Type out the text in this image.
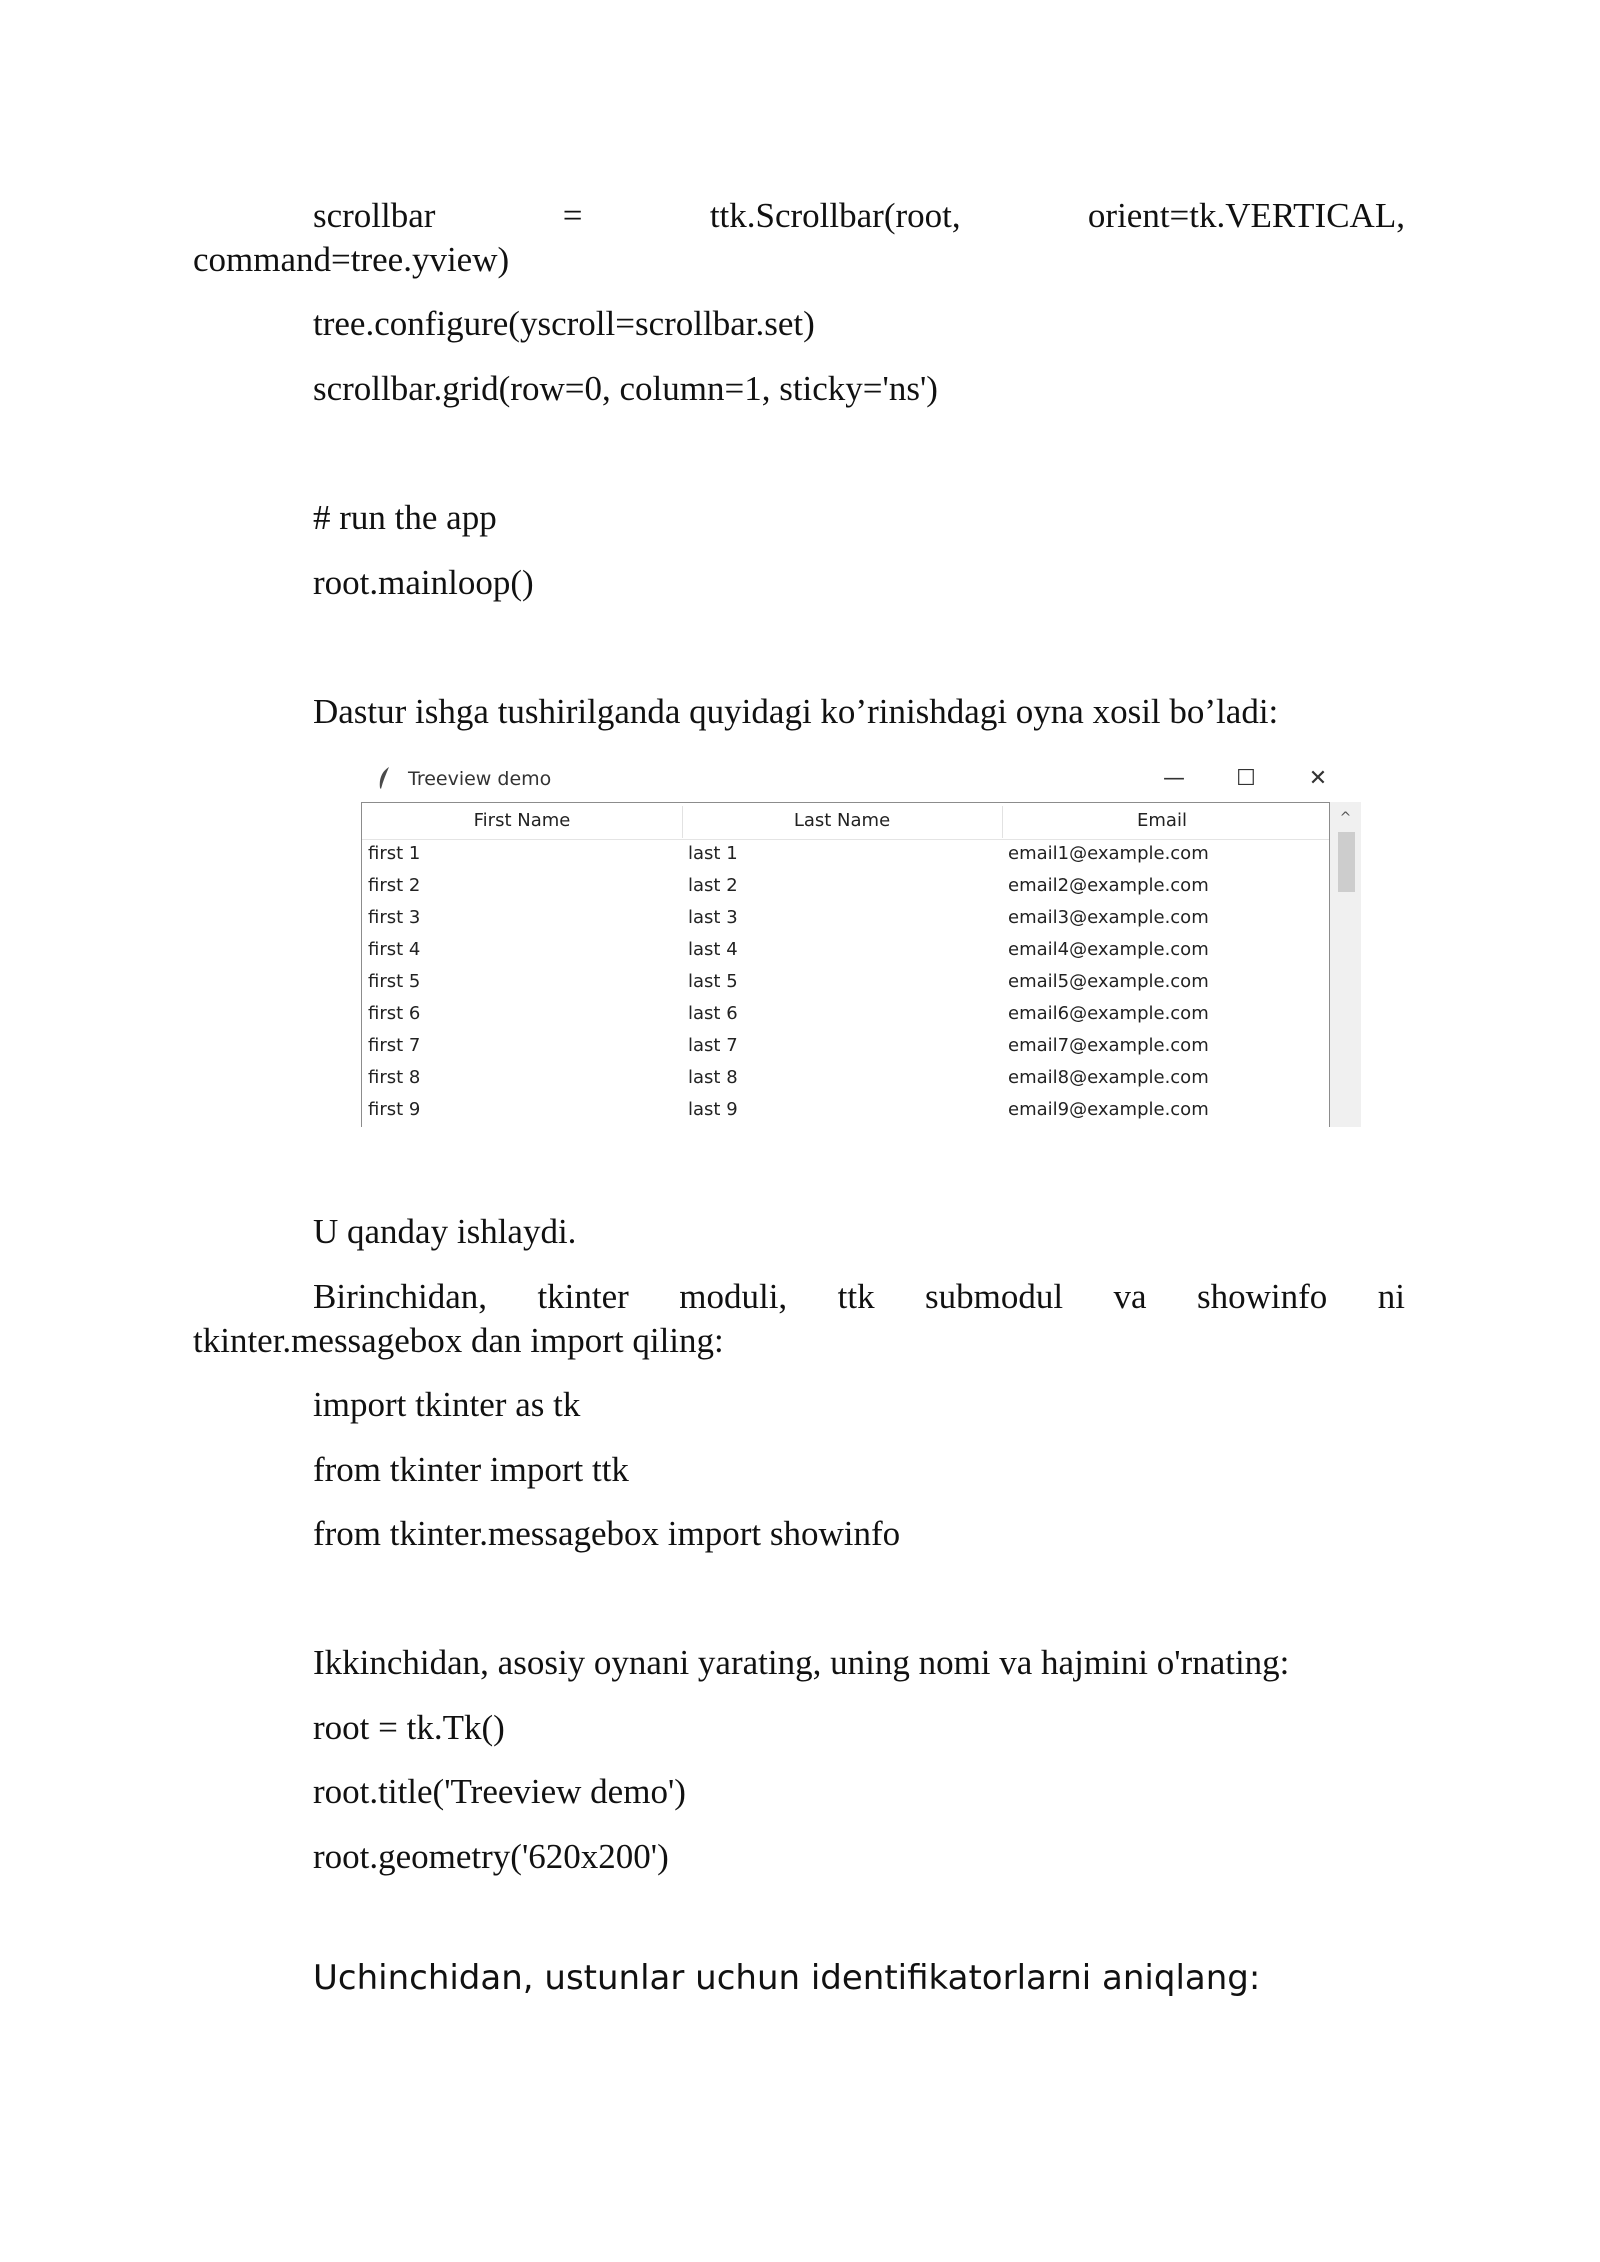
scrollbar	=	ttk.Scrollbar(root,	orient=tk.VERTICAL,

command=tree.yview)

tree.configure(yscroll=scrollbar.set)

scrollbar.grid(row=0, column=1, sticky='ns')

# run the app

root.mainloop()

Dastur ishga tushirilganda quyidagi ko’rinishdagi oyna xosil bo’ladi:

Treeview demo	—	☐	✕
First Name	Last Name	Email
first 1	last 1	email1@example.com
first 2	last 2	email2@example.com
first 3	last 3	email3@example.com
first 4	last 4	email4@example.com
first 5	last 5	email5@example.com
first 6	last 6	email6@example.com
first 7	last 7	email7@example.com
first 8	last 8	email8@example.com
first 9	last 9	email9@example.com
^

U qanday ishlaydi.

Birinchidan, tkinter moduli, ttk submodul va showinfo ni

tkinter.messagebox dan import qiling:

import tkinter as tk

from tkinter import ttk

from tkinter.messagebox import showinfo

Ikkinchidan, asosiy oynani yarating, uning nomi va hajmini o'rnating:

root = tk.Tk()

root.title('Treeview demo')

root.geometry('620x200')

Uchinchidan, ustunlar uchun identifikatorlarni aniqlang:
